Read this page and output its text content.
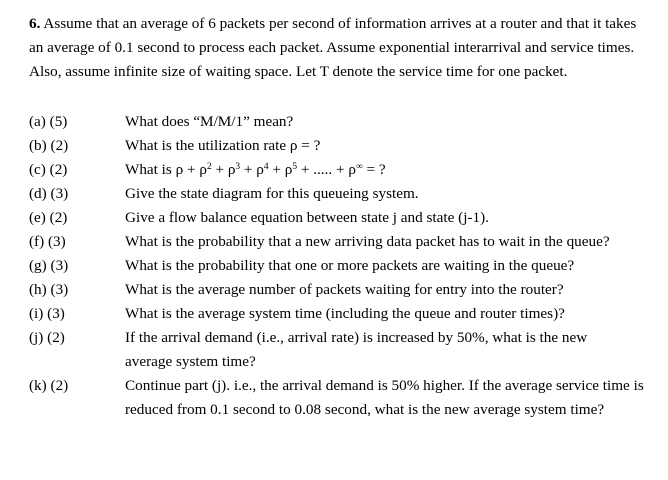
6. Assume that an average of 6 packets per second of information arrives at a router and that it takes an average of 0.1 second to process each packet. Assume exponential interarrival and service times. Also, assume infinite size of waiting space. Let T denote the service time for one packet.
(a) (5)	What does “M/M/1” mean?
(b) (2)	What is the utilization rate ρ = ?
(c) (2)	What is $\rho + \rho^2 + \rho^3 + \rho^4 + \rho^5$ + ..... + ρ∞ = ?
(d) (3)	Give the state diagram for this queueing system.
(e) (2)	Give a flow balance equation between state j and state (j-1).
(f) (3)	What is the probability that a new arriving data packet has to wait in the queue?
(g) (3)	What is the probability that one or more packets are waiting in the queue?
(h) (3)	What is the average number of packets waiting for entry into the router?
(i) (3)	What is the average system time (including the queue and router times)?
(j) (2)	If the arrival demand (i.e., arrival rate) is increased by 50%, what is the new average system time?
(k) (2)	Continue part (j). i.e., the arrival demand is 50% higher. If the average service time is reduced from 0.1 second to 0.08 second, what is the new average system time?
